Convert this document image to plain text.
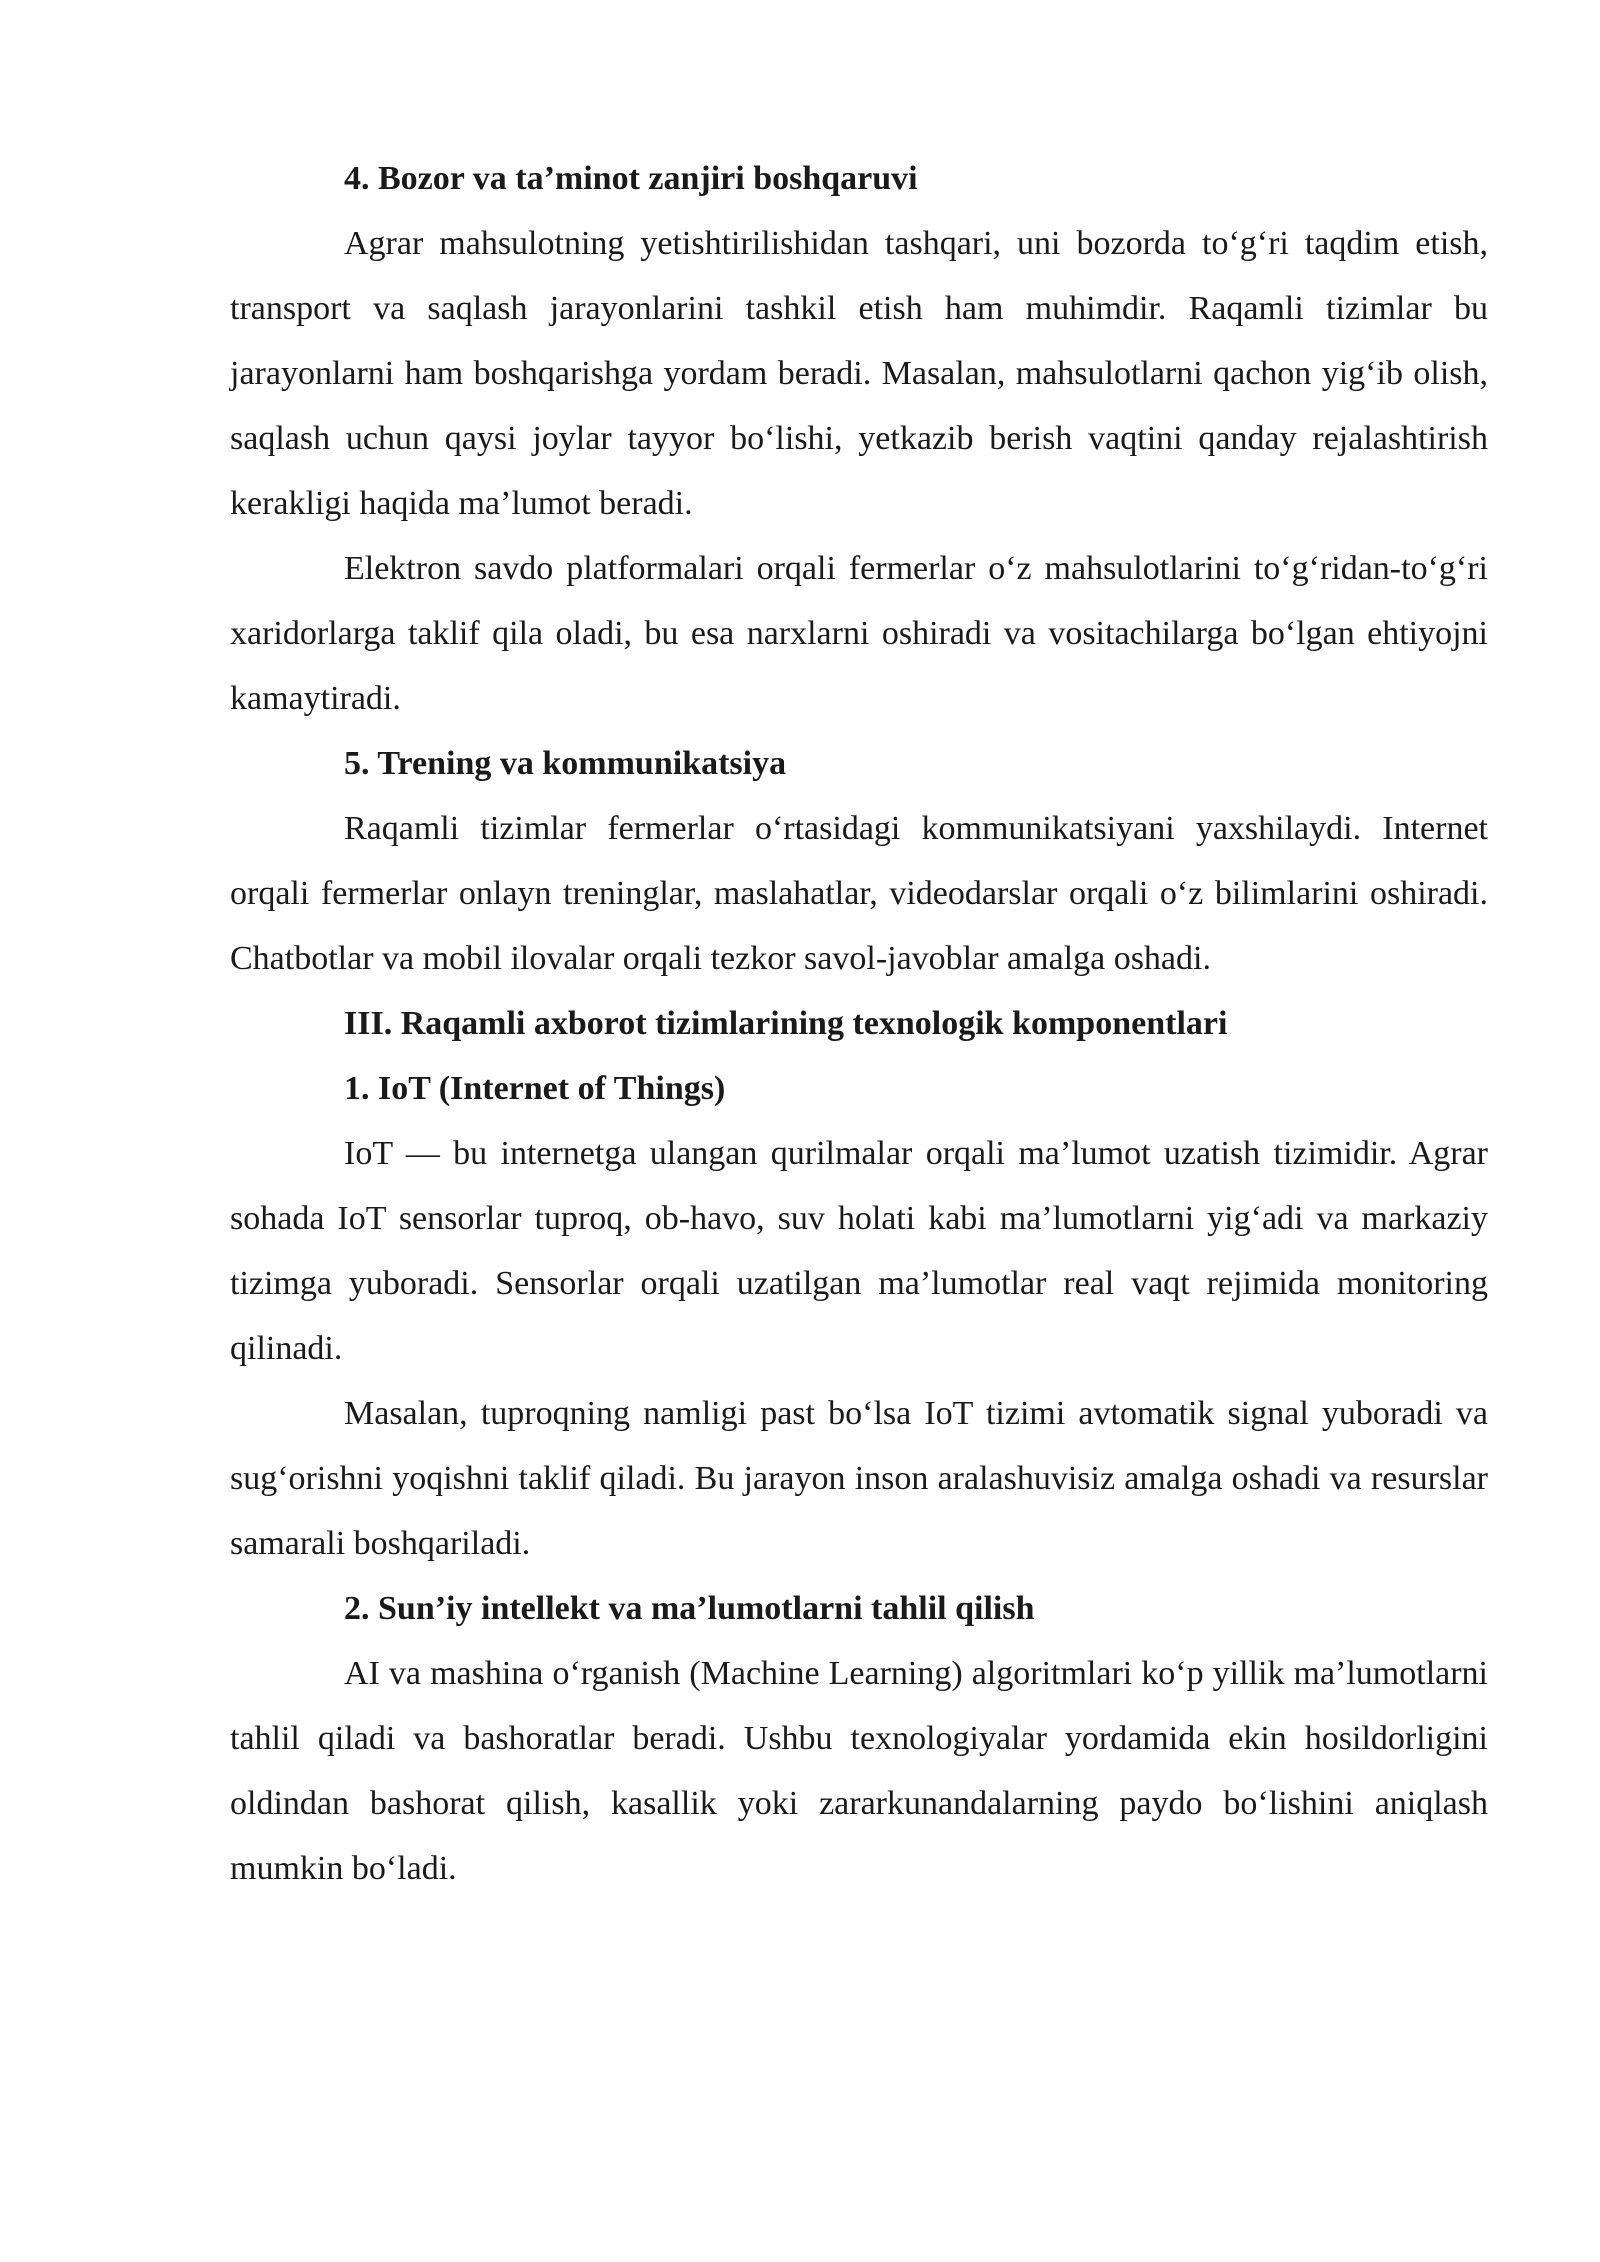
4. Bozor va ta’minot zanjiri boshqaruvi

Agrar mahsulotning yetishtirilishidan tashqari, uni bozorda to‘g‘ri taqdim etish, transport va saqlash jarayonlarini tashkil etish ham muhimdir. Raqamli tizimlar bu jarayonlarni ham boshqarishga yordam beradi. Masalan, mahsulotlarni qachon yig‘ib olish, saqlash uchun qaysi joylar tayyor bo‘lishi, yetkazib berish vaqtini qanday rejalashtirish kerakligi haqida ma’lumot beradi.

Elektron savdo platformalari orqali fermerlar o‘z mahsulotlarini to‘g‘ridan-to‘g‘ri xaridorlarga taklif qila oladi, bu esa narxlarni oshiradi va vositachilarga bo‘lgan ehtiyojni kamaytiradi.

5. Trening va kommunikatsiya

Raqamli tizimlar fermerlar o‘rtasidagi kommunikatsiyani yaxshilaydi. Internet orqali fermerlar onlayn treninglar, maslahatlar, videodarslar orqali o‘z bilimlarini oshiradi. Chatbotlar va mobil ilovalar orqali tezkor savol-javoblar amalga oshadi.

III. Raqamli axborot tizimlarining texnologik komponentlari

1. IoT (Internet of Things)

IoT — bu internetga ulangan qurilmalar orqali ma’lumot uzatish tizimidir. Agrar sohada IoT sensorlar tuproq, ob-havo, suv holati kabi ma’lumotlarni yig‘adi va markaziy tizimga yuboradi. Sensorlar orqali uzatilgan ma’lumotlar real vaqt rejimida monitoring qilinadi.

Masalan, tuproqning namligi past bo‘lsa IoT tizimi avtomatik signal yuboradi va sug‘orishni yoqishni taklif qiladi. Bu jarayon inson aralashuvisiz amalga oshadi va resurslar samarali boshqariladi.

2. Sun’iy intellekt va ma’lumotlarni tahlil qilish

AI va mashina o‘rganish (Machine Learning) algoritmlari ko‘p yillik ma’lumotlarni tahlil qiladi va bashoratlar beradi. Ushbu texnologiyalar yordamida ekin hosildorligini oldindan bashorat qilish, kasallik yoki zararkunandalarning paydo bo‘lishini aniqlash mumkin bo‘ladi.
